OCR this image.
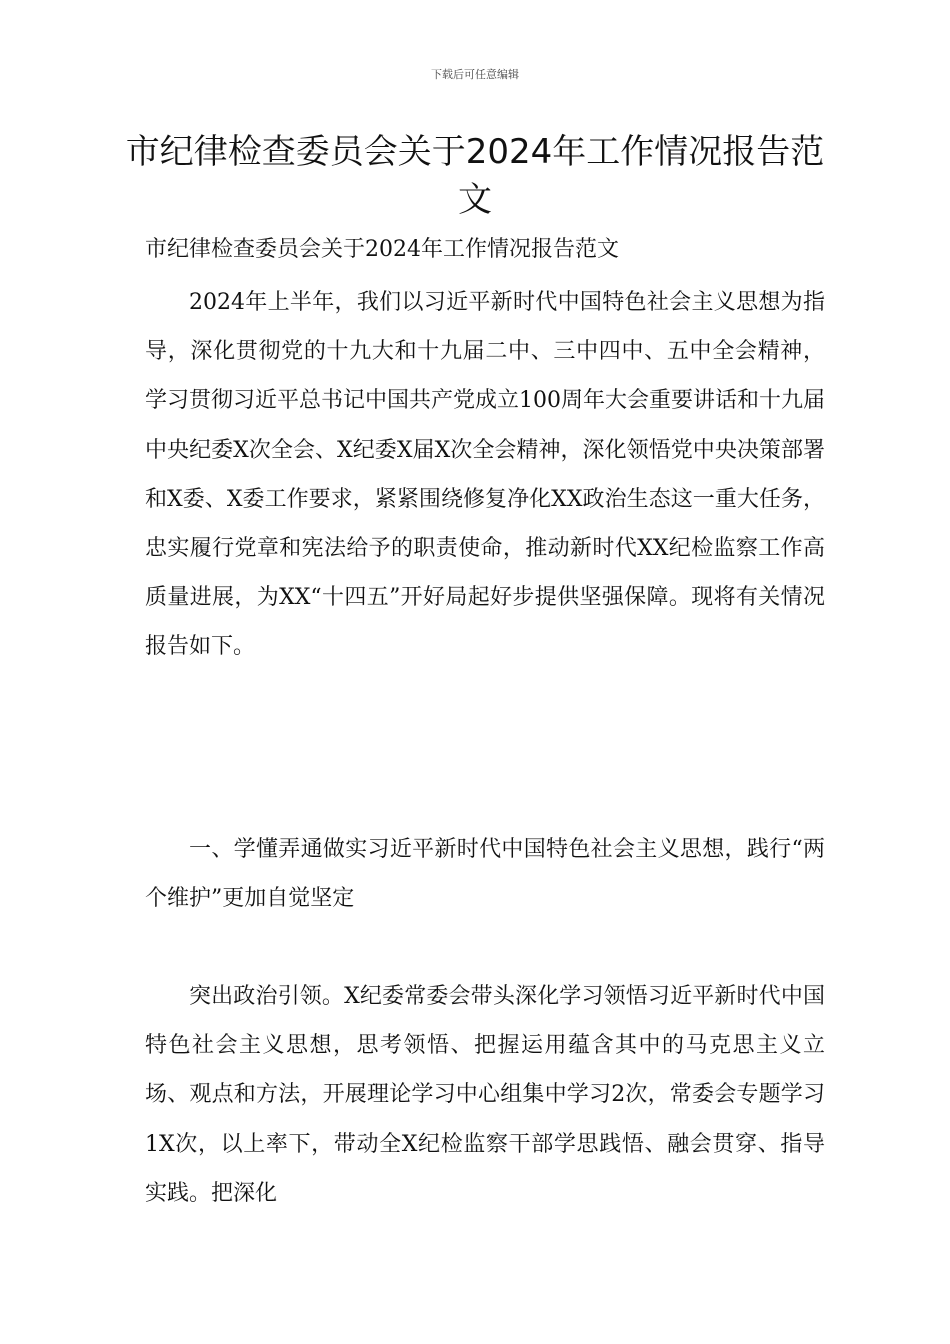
下载后可任意编辑
市纪律检查委员会关于2024年工作情况报告范文
市纪律检查委员会关于2024年工作情况报告范文
2024年上半年，我们以习近平新时代中国特色社会主义思想为指导，深化贯彻党的十九大和十九届二中、三中四中、五中全会精神，学习贯彻习近平总书记中国共产党成立100周年大会重要讲话和十九届中央纪委X次全会、X纪委X届X次全会精神，深化领悟党中央决策部署和X委、X委工作要求，紧紧围绕修复净化XX政治生态这一重大任务，忠实履行党章和宪法给予的职责使命，推动新时代XX纪检监察工作高质量进展，为XX“十四五”开好局起好步提供坚强保障。现将有关情况报告如下。
一、学懂弄通做实习近平新时代中国特色社会主义思想，践行“两个维护”更加自觉坚定
突出政治引领。X纪委常委会带头深化学习领悟习近平新时代中国特色社会主义思想，思考领悟、把握运用蕴含其中的马克思主义立场、观点和方法，开展理论学习中心组集中学习2次，常委会专题学习1X次，以上率下，带动全X纪检监察干部学思践悟、融会贯穿、指导实践。把深化
